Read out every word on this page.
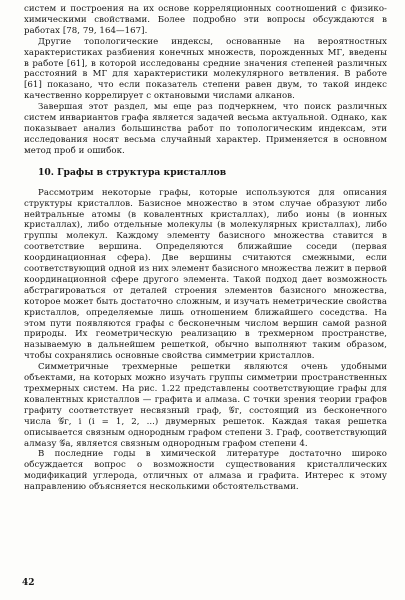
систем и построения на их основе корреляционных соотношений с физико-химическими свойствами. Более подробно эти вопросы обсуждаются в работах [78, 79, 164—167].

Другие топологические индексы, основанные на вероятностных характеристиках разбиения конечных множеств, порожденных МГ, введены в работе [61], в которой исследованы средние значения степеней различных расстояний в МГ для характеристики молекулярного ветвления. В работе [61] показано, что если показатель степени равен двум, то такой индекс качественно коррелирует с октановыми числами алканов.

Завершая этот раздел, мы еще раз подчеркнем, что поиск различных систем инвариантов графа является задачей весьма актуальной. Однако, как показывает анализ большинства работ по топологическим индексам, эти исследования носят весьма случайный характер. Применяется в основном метод проб и ошибок.

10. Графы в структура кристаллов

Рассмотрим некоторые графы, которые используются для описания структуры кристаллов. Базисное множество в этом случае образуют либо нейтральные атомы (в ковалентных кристаллах), либо ионы (в ионных кристаллах), либо отдельные молекулы (в молекулярных кристаллах), либо группы молекул. Каждому элементу базисного множества ставится в соответствие вершина. Определяются ближайшие соседи (первая координационная сфера). Две вершины считаются смежными, если соответствующий одной из них элемент базисного множества лежит в первой координационной сфере другого элемента. Такой подход дает возможность абстрагироваться от деталей строения элементов базисного множества, которое может быть достаточно сложным, и изучать неметрические свойства кристаллов, определяемые лишь отношением ближайшего соседства. На этом пути появляются графы с бесконечным числом вершин самой разной природы. Их геометрическую реализацию в трехмерном пространстве, называемую в дальнейшем решеткой, обычно выполняют таким образом, чтобы сохранялись основные свойства симметрии кристаллов.

Симметричные трехмерные решетки являются очень удобными объектами, на которых можно изучать группы симметрии пространственных трехмерных систем. На рис. 1.22 представлены соответствующие графы для ковалентных кристаллов — графита и алмаза. С точки зрения теории графов графиту соответствует несвязный граф, 𝒢г, состоящий из бесконечного числа 𝒢г, i (i = 1, 2, ...) двумерных решеток. Каждая такая решетка описывается связным однородным графом степени 3. Граф, соответствующий алмазу 𝒢а, является связным однородным графом степени 4.

В последние годы в химической литературе достаточно широко обсуждается вопрос о возможности существования кристаллических модификаций углерода, отличных от алмаза и графита. Интерес к этому направлению объясняется несколькими обстоятельствами.

42
